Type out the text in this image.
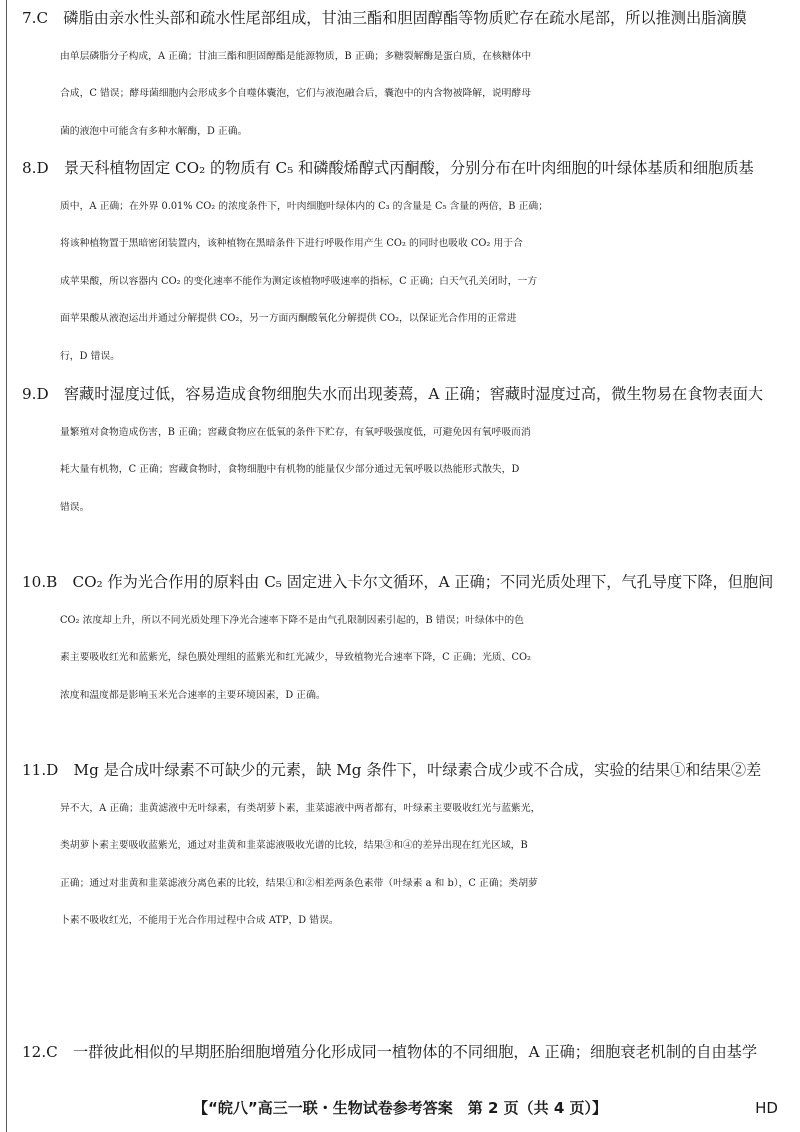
7.C　磷脂由亲水性头部和疏水性尾部组成，甘油三酯和胆固醇酯等物质贮存在疏水尾部，所以推测出脂滴膜
由单层磷脂分子构成，A 正确；甘油三酯和胆固醇酯是能源物质，B 正确；多糖裂解酶是蛋白质，在核糖体中
合成，C 错误；酵母菌细胞内会形成多个自噬体囊泡，它们与液泡融合后，囊泡中的内含物被降解，说明酵母
菌的液泡中可能含有多种水解酶，D 正确。
8.D　景天科植物固定 CO₂ 的物质有 C₅ 和磷酸烯醇式丙酮酸，分别分布在叶肉细胞的叶绿体基质和细胞质基
质中，A 正确；在外界 0.01% CO₂ 的浓度条件下，叶肉细胞叶绿体内的 C₃ 的含量是 C₅ 含量的两倍，B 正确；
将该种植物置于黑暗密闭装置内，该种植物在黑暗条件下进行呼吸作用产生 CO₂ 的同时也吸收 CO₂ 用于合
成苹果酸，所以容器内 CO₂ 的变化速率不能作为测定该植物呼吸速率的指标，C 正确；白天气孔关闭时，一方
面苹果酸从液泡运出并通过分解提供 CO₂，另一方面丙酮酸氧化分解提供 CO₂，以保证光合作用的正常进
行，D 错误。
9.D　窖藏时湿度过低，容易造成食物细胞失水而出现萎蔫，A 正确；窖藏时湿度过高，微生物易在食物表面大
量繁殖对食物造成伤害，B 正确；窖藏食物应在低氧的条件下贮存，有氧呼吸强度低，可避免因有氧呼吸而消
耗大量有机物，C 正确；窖藏食物时，食物细胞中有机物的能量仅少部分通过无氧呼吸以热能形式散失，D
错误。
10.B　CO₂ 作为光合作用的原料由 C₅ 固定进入卡尔文循环，A 正确；不同光质处理下，气孔导度下降，但胞间
CO₂ 浓度却上升，所以不同光质处理下净光合速率下降不是由气孔限制因素引起的，B 错误；叶绿体中的色
素主要吸收红光和蓝紫光，绿色膜处理组的蓝紫光和红光减少，导致植物光合速率下降，C 正确；光质、CO₂
浓度和温度都是影响玉米光合速率的主要环境因素，D 正确。
11.D　Mg 是合成叶绿素不可缺少的元素，缺 Mg 条件下，叶绿素合成少或不合成，实验的结果①和结果②差
异不大，A 正确；韭黄滤液中无叶绿素，有类胡萝卜素，韭菜滤液中两者都有，叶绿素主要吸收红光与蓝紫光，
类胡萝卜素主要吸收蓝紫光，通过对韭黄和韭菜滤液吸收光谱的比较，结果③和④的差异出现在红光区域，B
正确；通过对韭黄和韭菜滤液分离色素的比较，结果①和②相差两条色素带（叶绿素 a 和 b），C 正确；类胡萝
卜素不吸收红光，不能用于光合作用过程中合成 ATP，D 错误。
12.C　一群彼此相似的早期胚胎细胞增殖分化形成同一植物体的不同细胞，A 正确；细胞衰老机制的自由基学
【“皖八”高三一联・生物试卷参考答案　第 2 页（共 4 页）】	HD
